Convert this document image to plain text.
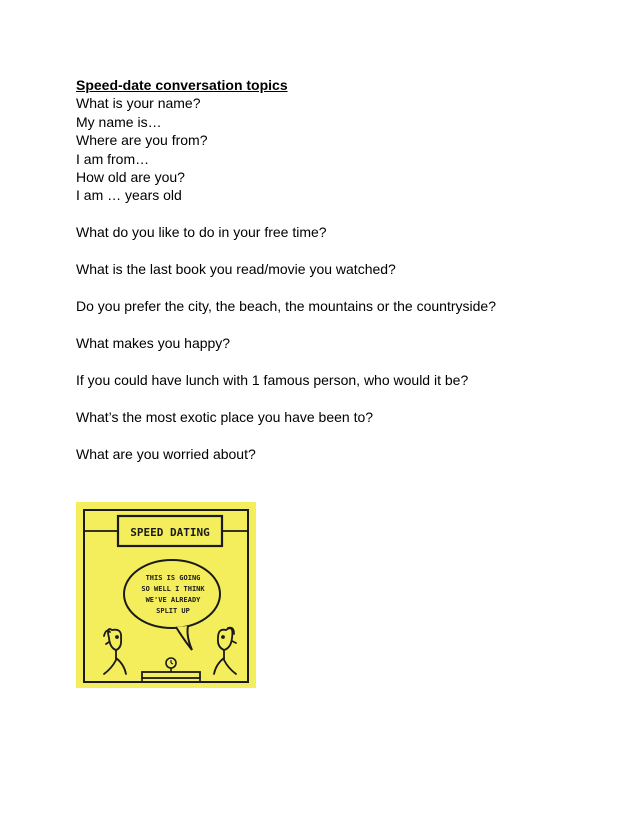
Speed-date conversation topics
What is your name?
My name is…
Where are you from?
I am from…
How old are you?
I am … years old
What do you like to do in your free time?
What is the last book you read/movie you watched?
Do you prefer the city, the beach, the mountains or the countryside?
What makes you happy?
If you could have lunch with 1 famous person, who would it be?
What’s the most exotic place you have been to?
What are you worried about?
SPEED DATING
THIS IS GOING
SO WELL I THINK
WE'VE ALREADY
SPLIT UP
